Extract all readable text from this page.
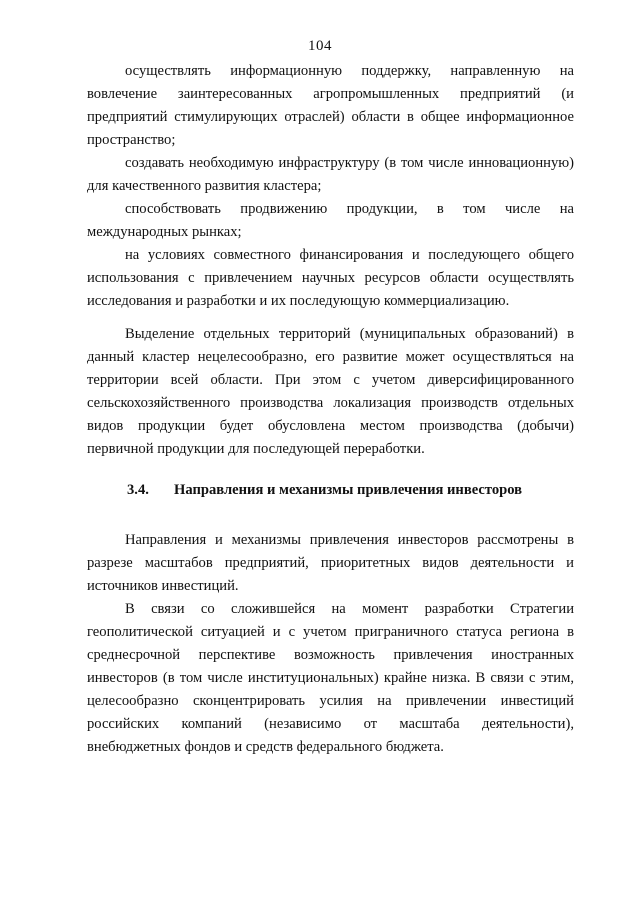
104

осуществлять информационную поддержку, направленную на вовлечение заинтересованных агропромышленных предприятий (и предприятий стимулирующих отраслей) области в общее информационное пространство;

создавать необходимую инфраструктуру (в том числе инновационную) для качественного развития кластера;

способствовать продвижению продукции, в том числе на международных рынках;

на условиях совместного финансирования и последующего общего использования с привлечением научных ресурсов области осуществлять исследования и разработки и их последующую коммерциализацию.

Выделение отдельных территорий (муниципальных образований) в данный кластер нецелесообразно, его развитие может осуществляться на территории всей области. При этом с учетом диверсифицированного сельскохозяйственного производства локализация производств отдельных видов продукции будет обусловлена местом производства (добычи) первичной продукции для последующей переработки.

3.4. Направления и механизмы привлечения инвесторов

Направления и механизмы привлечения инвесторов рассмотрены в разрезе масштабов предприятий, приоритетных видов деятельности и источников инвестиций.

В связи со сложившейся на момент разработки Стратегии геополитической ситуацией и с учетом приграничного статуса региона в среднесрочной перспективе возможность привлечения иностранных инвесторов (в том числе институциональных) крайне низка. В связи с этим, целесообразно сконцентрировать усилия на привлечении инвестиций российских компаний (независимо от масштаба деятельности), внебюджетных фондов и средств федерального бюджета.
